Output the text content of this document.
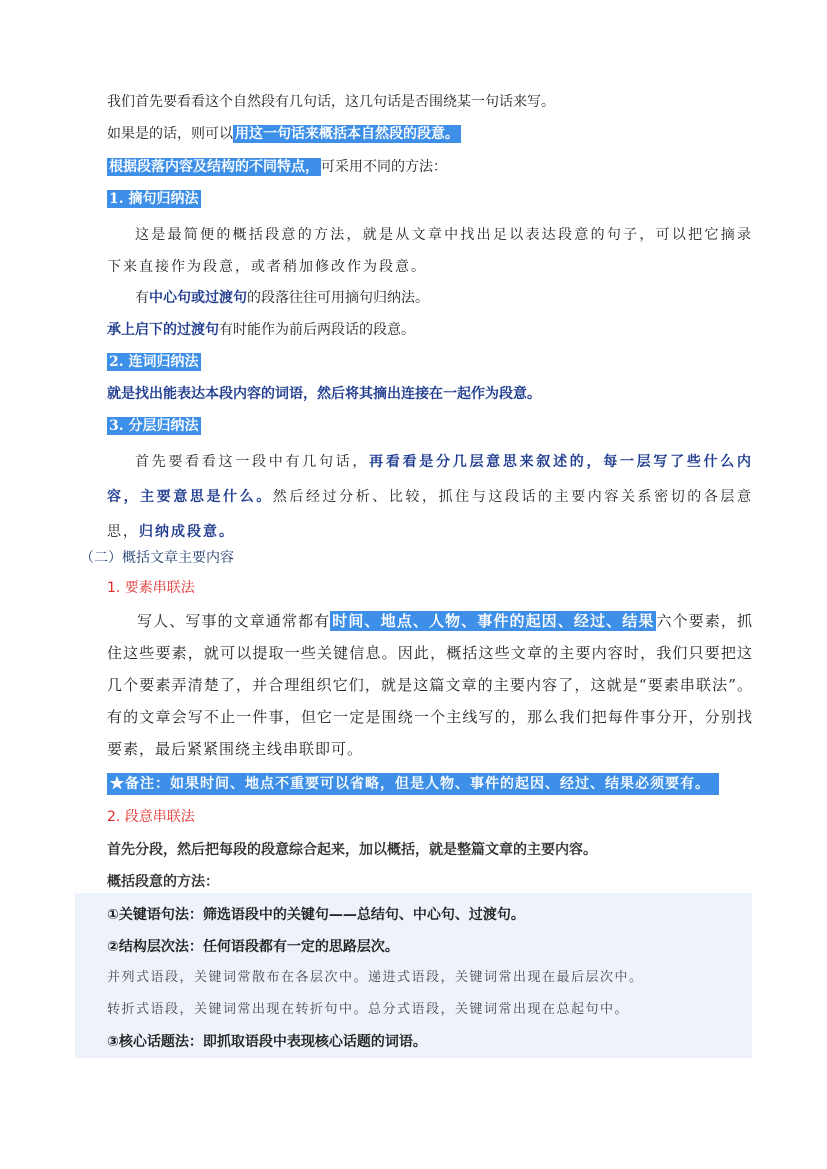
我们首先要看看这个自然段有几句话，这几句话是否围绕某一句话来写。
如果是的话，则可以 用这一句话来概括本自然段的段意。
根据段落内容及结构的不同特点， 可采用不同的方法：
1. 摘句归纳法
这是最简便的概括段意的方法，就是从文章中找出足以表达段意的句子，可以把它摘录下来直接作为段意，或者稍加修改作为段意。
有中心句或过渡句的段落往往可用摘句归纳法。
承上启下的过渡句有时能作为前后两段话的段意。
2. 连词归纳法
就是找出能表达本段内容的词语，然后将其摘出连接在一起作为段意。
3. 分层归纳法
首先要看看这一段中有几句话，再看看是分几层意思来叙述的，每一层写了些什么内容，主要意思是什么。然后经过分析、比较，抓住与这段话的主要内容关系密切的各层意思，归纳成段意。
（二）概括文章主要内容
1. 要素串联法
写人、写事的文章通常都有 时间、地点、人物、事件的起因、经过、结果 六个要素，抓住这些要素，就可以提取一些关键信息。因此，概括这些文章的主要内容时，我们只要把这几个要素弄清楚了，并合理组织它们，就是这篇文章的主要内容了，这就是“要素串联法”。有的文章会写不止一件事，但它一定是围绕一个主线写的，那么我们把每件事分开，分别找要素，最后紧紧围绕主线串联即可。
★备注：如果时间、地点不重要可以省略，但是人物、事件的起因、经过、结果必须要有。
2. 段意串联法
首先分段，然后把每段的段意综合起来，加以概括，就是整篇文章的主要内容。
概括段意的方法：
①关键语句法：筛选语段中的关键句——总结句、中心句、过渡句。
②结构层次法：任何语段都有一定的思路层次。
并列式语段，关键词常散布在各层次中。递进式语段，关键词常出现在最后层次中。
转折式语段，关键词常出现在转折句中。总分式语段，关键词常出现在总起句中。
③核心话题法：即抓取语段中表现核心话题的词语。
